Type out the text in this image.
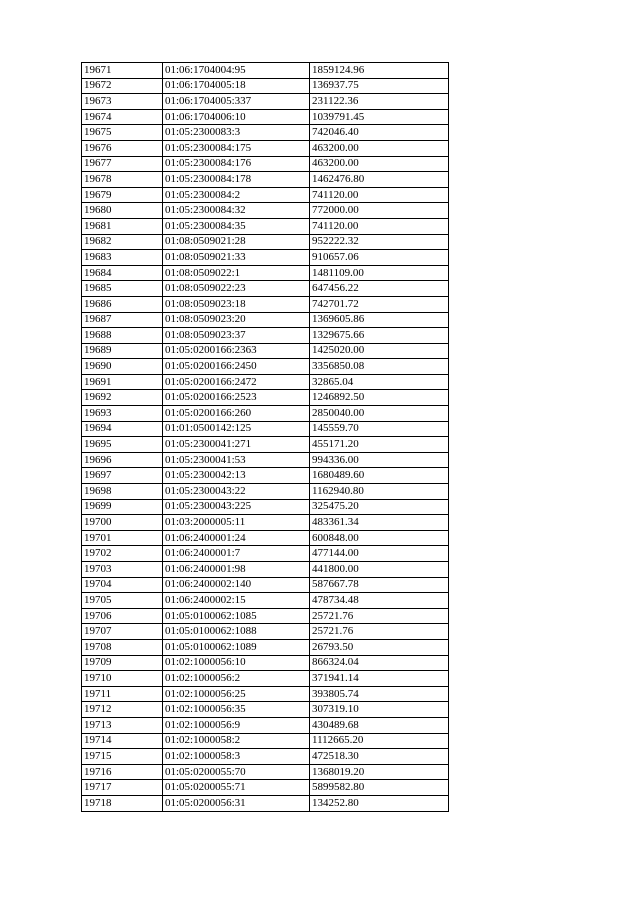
19671	01:06:1704004:95	1859124.96
19672	01:06:1704005:18	136937.75
19673	01:06:1704005:337	231122.36
19674	01:06:1704006:10	1039791.45
19675	01:05:2300083:3	742046.40
19676	01:05:2300084:175	463200.00
19677	01:05:2300084:176	463200.00
19678	01:05:2300084:178	1462476.80
19679	01:05:2300084:2	741120.00
19680	01:05:2300084:32	772000.00
19681	01:05:2300084:35	741120.00
19682	01:08:0509021:28	952222.32
19683	01:08:0509021:33	910657.06
19684	01:08:0509022:1	1481109.00
19685	01:08:0509022:23	647456.22
19686	01:08:0509023:18	742701.72
19687	01:08:0509023:20	1369605.86
19688	01:08:0509023:37	1329675.66
19689	01:05:0200166:2363	1425020.00
19690	01:05:0200166:2450	3356850.08
19691	01:05:0200166:2472	32865.04
19692	01:05:0200166:2523	1246892.50
19693	01:05:0200166:260	2850040.00
19694	01:01:0500142:125	145559.70
19695	01:05:2300041:271	455171.20
19696	01:05:2300041:53	994336.00
19697	01:05:2300042:13	1680489.60
19698	01:05:2300043:22	1162940.80
19699	01:05:2300043:225	325475.20
19700	01:03:2000005:11	483361.34
19701	01:06:2400001:24	600848.00
19702	01:06:2400001:7	477144.00
19703	01:06:2400001:98	441800.00
19704	01:06:2400002:140	587667.78
19705	01:06:2400002:15	478734.48
19706	01:05:0100062:1085	25721.76
19707	01:05:0100062:1088	25721.76
19708	01:05:0100062:1089	26793.50
19709	01:02:1000056:10	866324.04
19710	01:02:1000056:2	371941.14
19711	01:02:1000056:25	393805.74
19712	01:02:1000056:35	307319.10
19713	01:02:1000056:9	430489.68
19714	01:02:1000058:2	1112665.20
19715	01:02:1000058:3	472518.30
19716	01:05:0200055:70	1368019.20
19717	01:05:0200055:71	5899582.80
19718	01:05:0200056:31	134252.80
